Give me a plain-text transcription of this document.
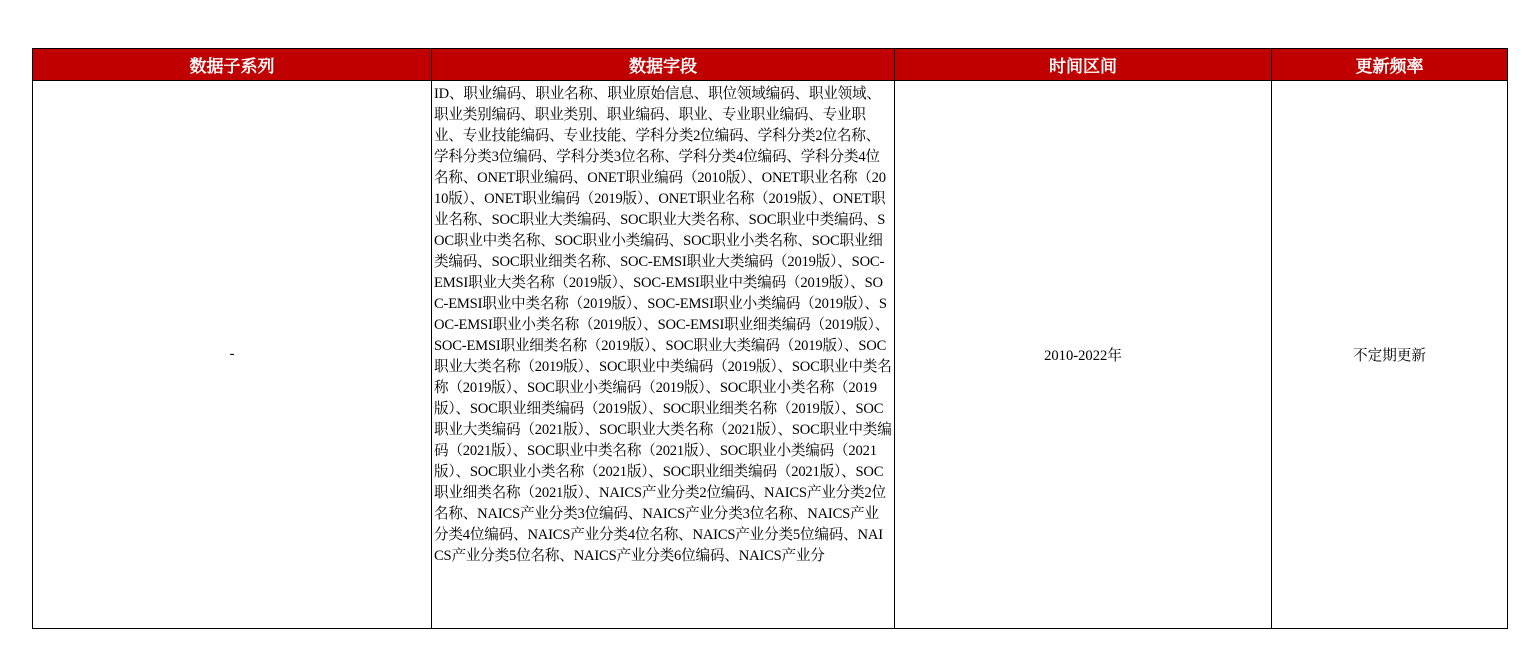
数据子系列	数据字段	时间区间	更新频率
-	ID、职业编码、职业名称、职业原始信息、职位领域编码、职业领域、职业类别编码、职业类别、职业编码、职业、专业职业编码、专业职业、专业技能编码、专业技能、学科分类2位编码、学科分类2位名称、学科分类3位编码、学科分类3位名称、学科分类4位编码、学科分类4位名称、ONET职业编码、ONET职业编码（2010版）、ONET职业名称（2010版）、ONET职业编码（2019版）、ONET职业名称（2019版）、ONET职业名称、SOC职业大类编码、SOC职业大类名称、SOC职业中类编码、SOC职业中类名称、SOC职业小类编码、SOC职业小类名称、SOC职业细类编码、SOC职业细类名称、SOC-EMSI职业大类编码（2019版）、SOC-EMSI职业大类名称（2019版）、SOC-EMSI职业中类编码（2019版）、SOC-EMSI职业中类名称（2019版）、SOC-EMSI职业小类编码（2019版）、SOC-EMSI职业小类名称（2019版）、SOC-EMSI职业细类编码（2019版）、SOC-EMSI职业细类名称（2019版）、SOC职业大类编码（2019版）、SOC职业大类名称（2019版）、SOC职业中类编码（2019版）、SOC职业中类名称（2019版）、SOC职业小类编码（2019版）、SOC职业小类名称（2019版）、SOC职业细类编码（2019版）、SOC职业细类名称（2019版）、SOC职业大类编码（2021版）、SOC职业大类名称（2021版）、SOC职业中类编码（2021版）、SOC职业中类名称（2021版）、SOC职业小类编码（2021版）、SOC职业小类名称（2021版）、SOC职业细类编码（2021版）、SOC职业细类名称（2021版）、NAICS产业分类2位编码、NAICS产业分类2位名称、NAICS产业分类3位编码、NAICS产业分类3位名称、NAICS产业分类4位编码、NAICS产业分类4位名称、NAICS产业分类5位编码、NAICS产业分类5位名称、NAICS产业分类6位编码、NAICS产业分	2010-2022年	不定期更新
